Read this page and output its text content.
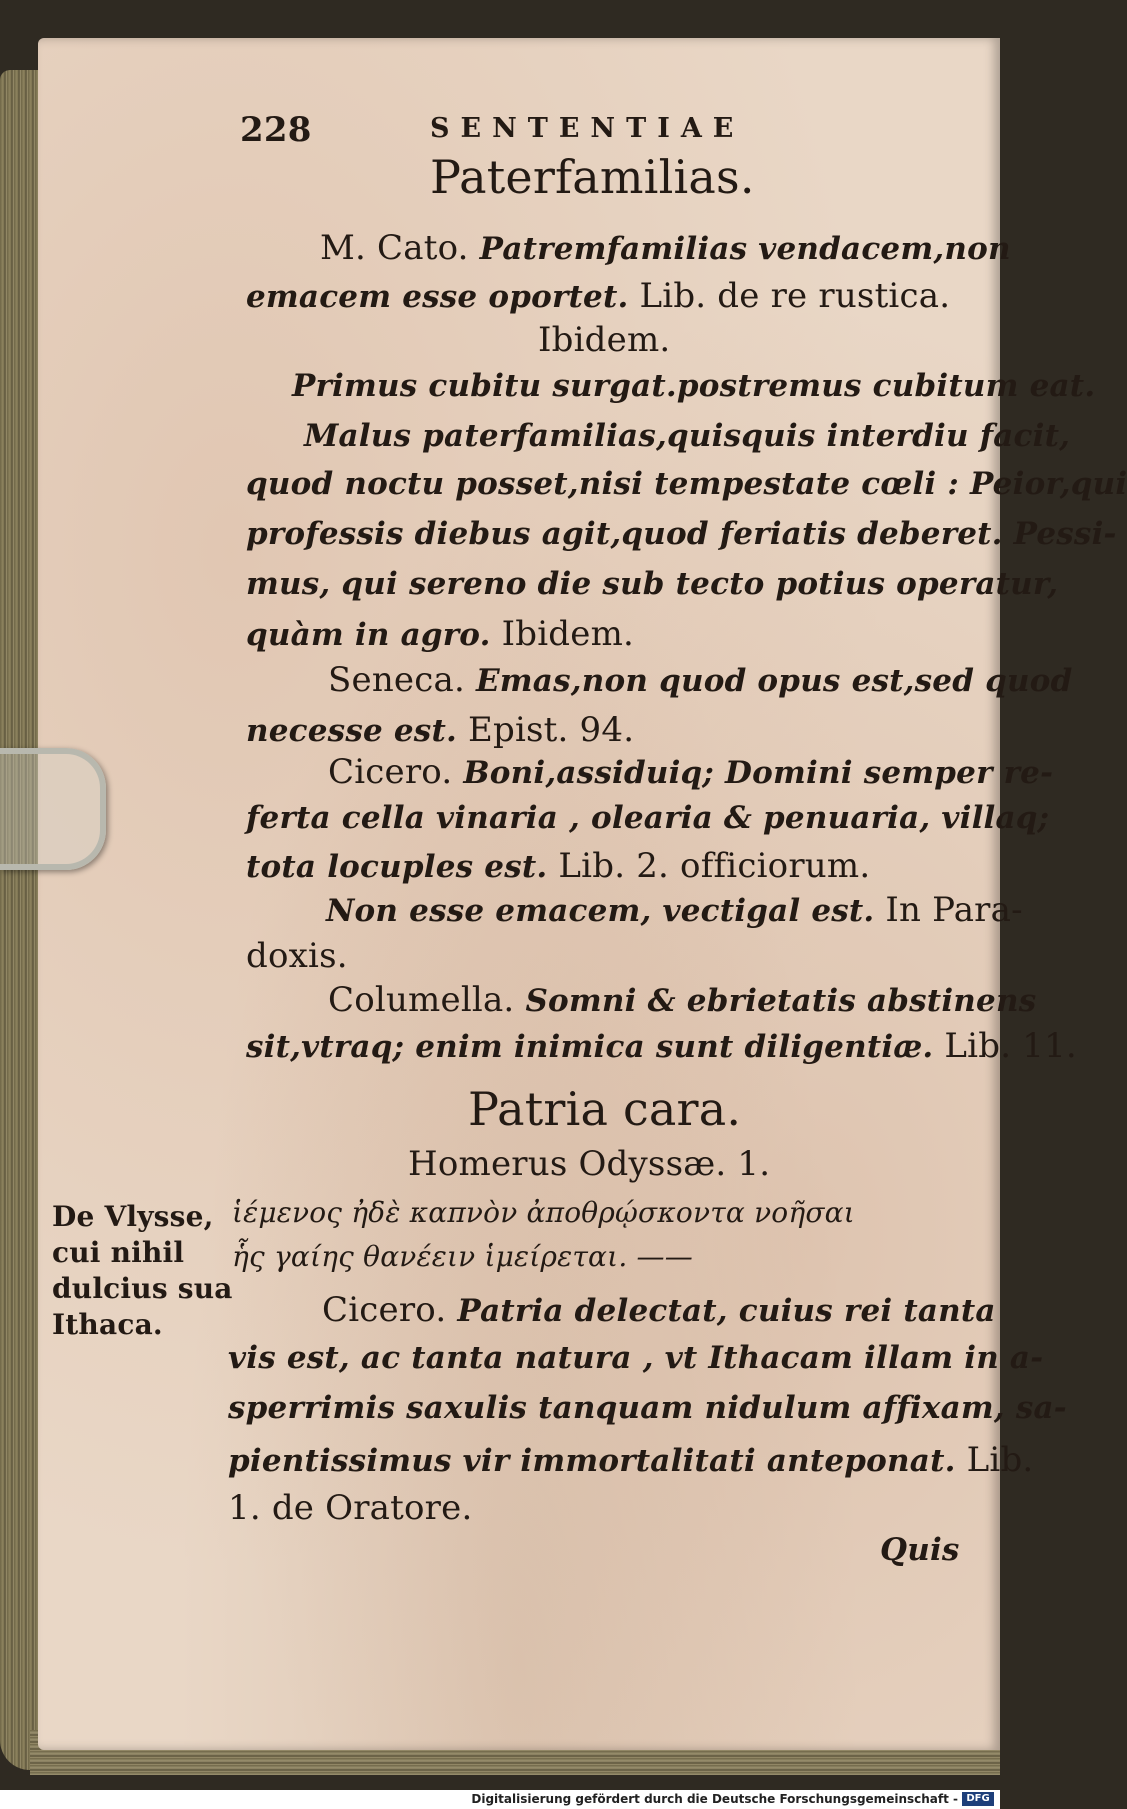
228	SENTENTIAE
Paterfamilias.
M. Cato. Patremfamilias vendacem,non
emacem esse oportet. Lib. de re rustica.
Ibidem.
Primus cubitu surgat.postremus cubitum eat.
Malus paterfamilias,quisquis interdiu facit,
quod noctu posset,nisi tempestate cœli : Peior,qui
professis diebus agit,quod feriatis deberet. Pessi-
mus, qui sereno die sub tecto potius operatur,
quàm in agro. Ibidem.
Seneca. Emas,non quod opus est,sed quod
necesse est. Epist. 94.
Cicero. Boni,assiduiq; Domini semper re-
ferta cella vinaria , olearia & penuaria, villaq;
tota locuples est. Lib. 2. officiorum.
Non esse emacem, vectigal est. In Para-
doxis.
Columella. Somni & ebrietatis abstinens
sit,vtraq; enim inimica sunt diligentiæ. Lib. 11.
Patria cara.
Homerus Odyssæ. 1.
ἱέμενος ἠδὲ καπνὸν ἀποθρῴσκοντα νοῆσαι
ἧς γαίης θανέειν ἱμείρεται. ——
Cicero. Patria delectat, cuius rei tanta
vis est, ac tanta natura , vt Ithacam illam in a-
sperrimis saxulis tanquam nidulum affixam, sa-
pientissimus vir immortalitati anteponat. Lib.
1. de Oratore.
De Vlysse,
cui nihil
dulcius sua
Ithaca.
Quis
Digitalisierung gefördert durch die Deutsche Forschungsgemeinschaft - DFG
